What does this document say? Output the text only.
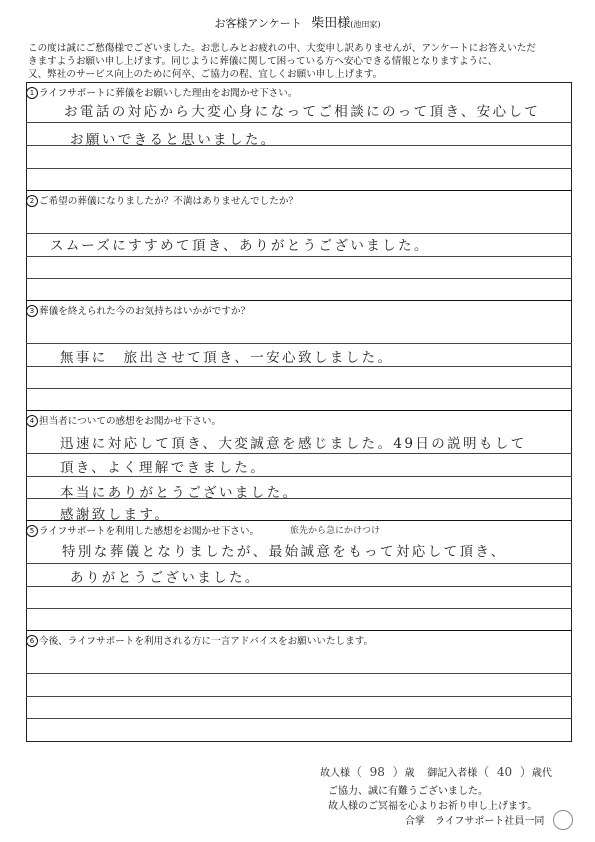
お客様アンケート 柴田様(池田家)
この度は誠にご愁傷様でございました。お悲しみとお疲れの中、大変申し訳ありませんが、アンケートにお答えいただ
きますようお願い申し上げます。同じように葬儀に関して困っている方へ安心できる情報となりますように、
又、弊社のサービス向上のために何卒、ご協力の程、宜しくお願い申し上げます。
1 ライフサポートに葬儀をお願いした理由をお聞かせ下さい。
お電話の対応から大変心身になってご相談にのって頂き、安心して
お願いできると思いました。
2 ご希望の葬儀になりましたか？不満はありませんでしたか？
スムーズにすすめて頂き、ありがとうございました。
3 葬儀を終えられた今のお気持ちはいかがですか？
無事に　旅出させて頂き、一安心致しました。
4 担当者についての感想をお聞かせ下さい。
迅速に対応して頂き、大変誠意を感じました。49日の説明もして
頂き、よく理解できました。
本当にありがとうございました。
感謝致します。
5 ライフサポートを利用した感想をお聞かせ下さい。	旅先から急にかけつけ
特別な葬儀となりましたが、最始誠意をもって対応して頂き、
ありがとうございました。
6 今後、ライフサポートを利用される方に一言アドバイスをお願いいたします。
故人様（  98  ）歳 御記入者様（  40  ）歳代
ご協力、誠に有難うございました。
故人様のご冥福を心よりお祈り申し上げます。
合掌　ライフサポート社員一同
